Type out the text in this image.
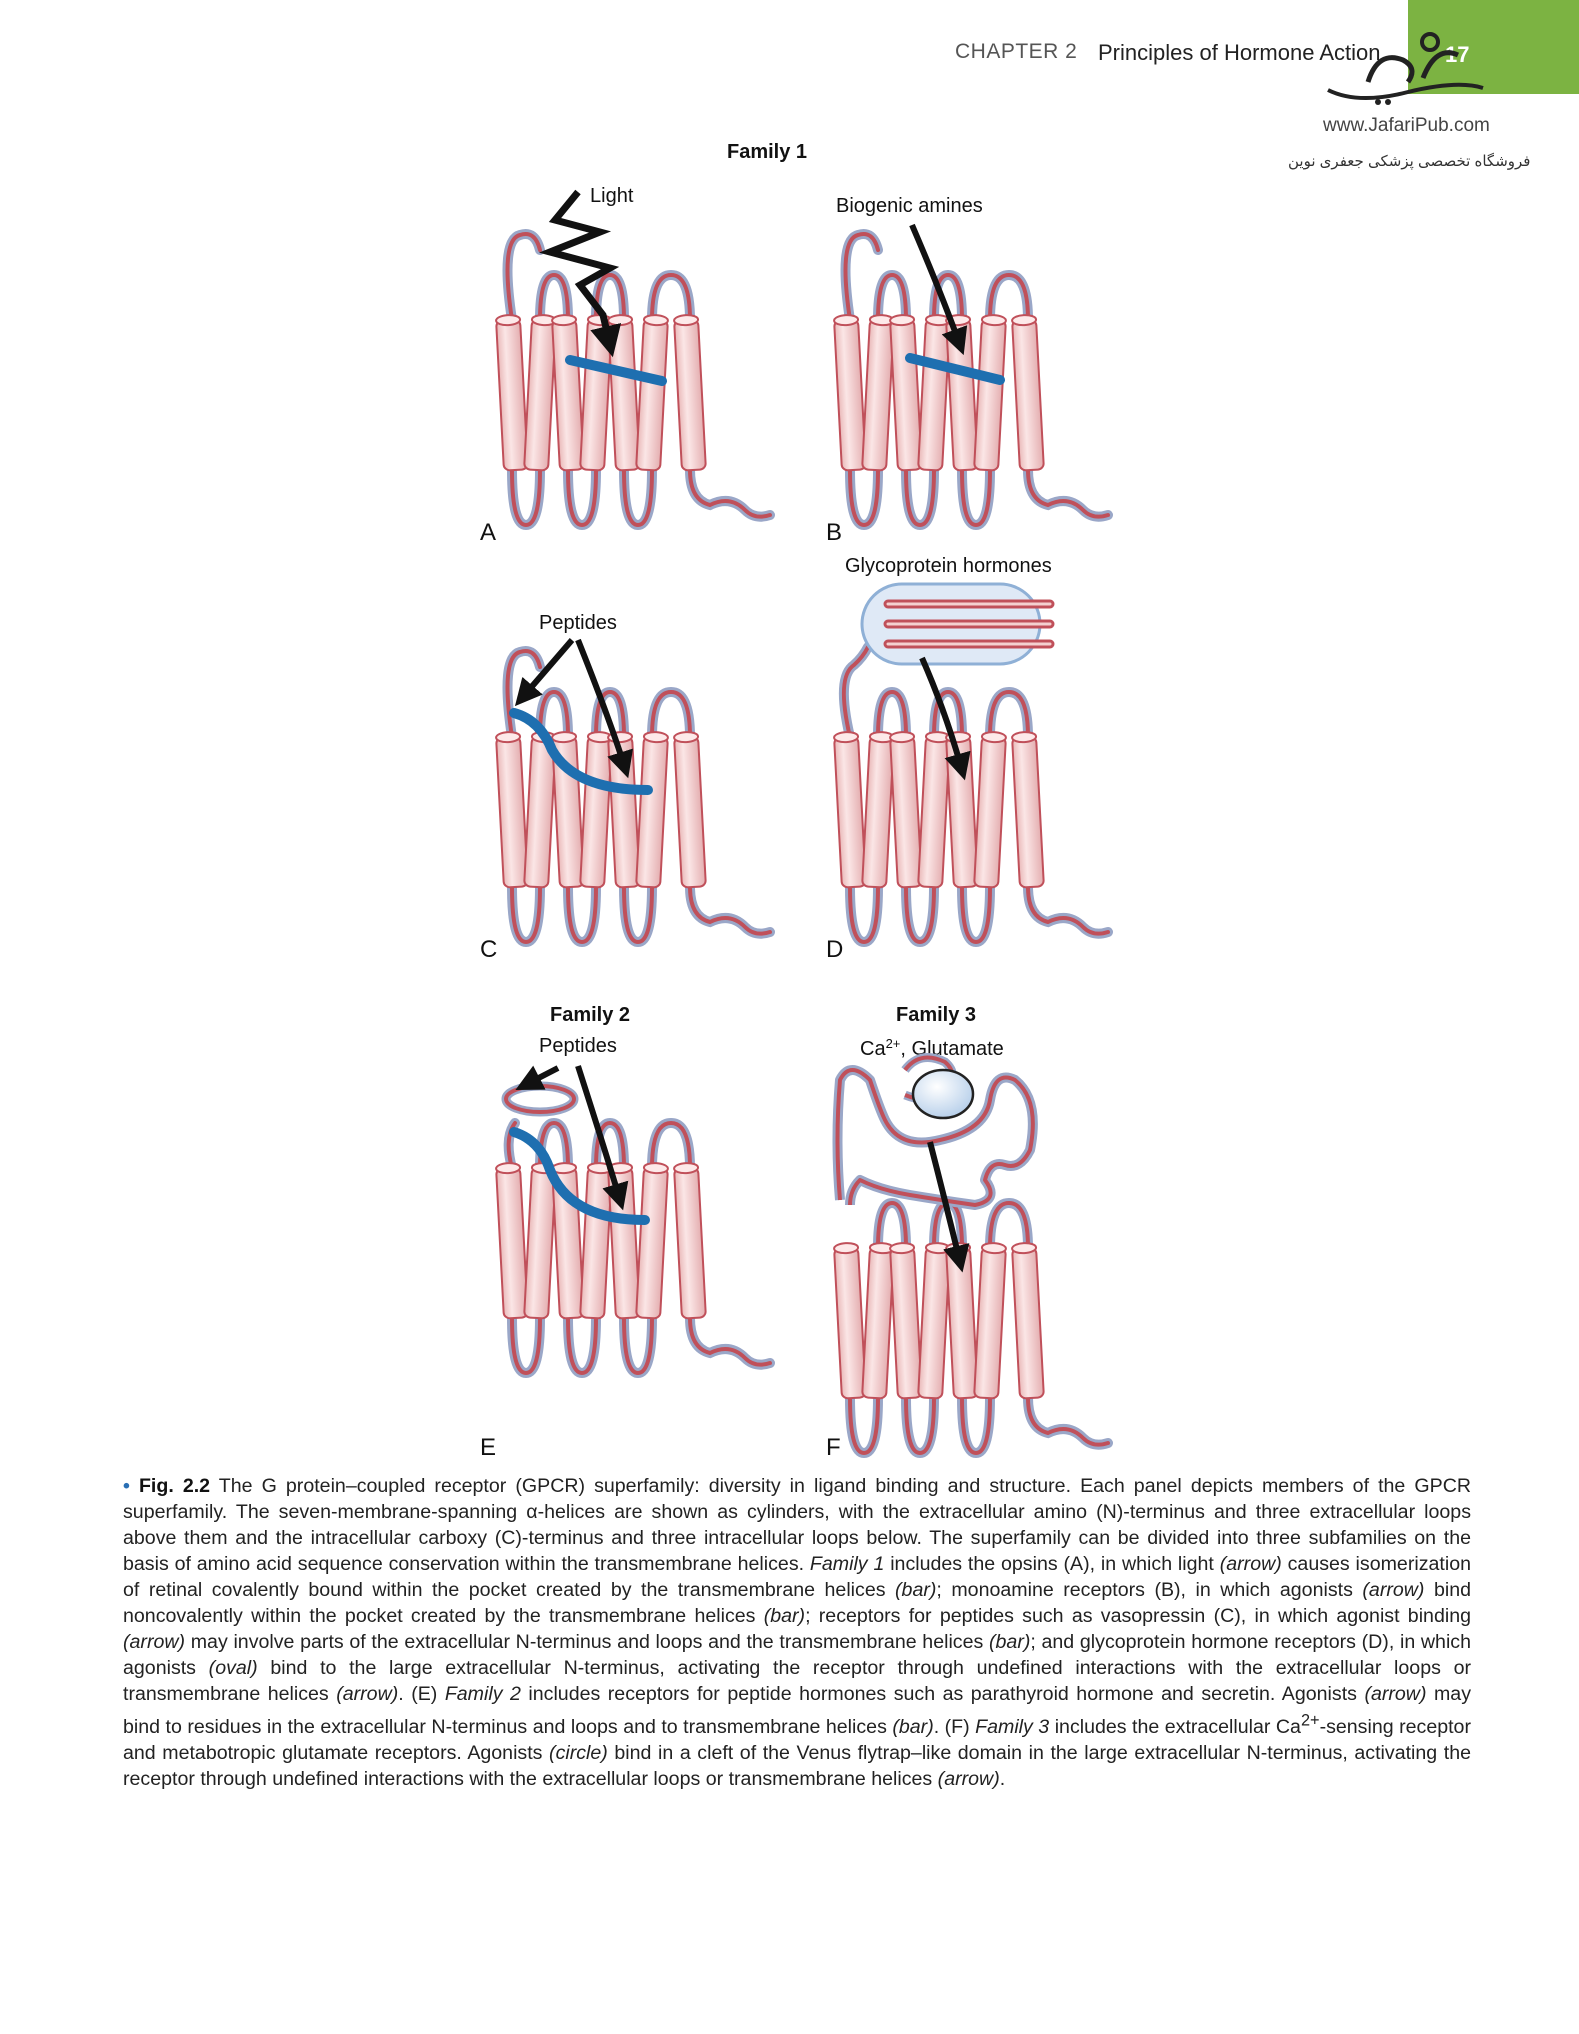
CHAPTER 2 Principles of Hormone Action	17
www.JafariPub.com
فروشگاه تخصصی پزشکی جعفری نوین
Family 1
Family 2	Family 3
Light
A
Biogenic amines
B
Peptides
C
Glycoprotein hormones
D
Peptides
E
$Ca^{2+}$, Glutamate
F
• Fig. 2.2 The G protein–coupled receptor (GPCR) superfamily: diversity in ligand binding and structure. Each panel depicts members of the GPCR superfamily. The seven-membrane-spanning α-helices are shown as cylinders, with the extracellular amino (N)-terminus and three extracellular loops above them and the intracellular carboxy (C)-terminus and three intracellular loops below. The superfamily can be divided into three subfamilies on the basis of amino acid sequence conservation within the transmembrane helices. Family 1 includes the opsins (A), in which light (arrow) causes isomerization of retinal covalently bound within the pocket created by the transmembrane helices (bar); monoamine receptors (B), in which agonists (arrow) bind noncovalently within the pocket created by the transmembrane helices (bar); receptors for peptides such as vasopressin (C), in which agonist binding (arrow) may involve parts of the extracellular N-terminus and loops and the transmembrane helices (bar); and glycoprotein hormone receptors (D), in which agonists (oval) bind to the large extracellular N-terminus, activating the receptor through undefined interactions with the extracellular loops or transmembrane helices (arrow). (E) Family 2 includes receptors for peptide hormones such as parathyroid hormone and secretin. Agonists (arrow) may bind to residues in the extracellular N-terminus and loops and to transmembrane helices (bar). (F) Family 3 includes the extracellular $Ca^{2+}$-sensing receptor and metabotropic glutamate receptors. Agonists (circle) bind in a cleft of the Venus flytrap–like domain in the large extracellular N-terminus, activating the receptor through undefined interactions with the extracellular loops or transmembrane helices (arrow).
